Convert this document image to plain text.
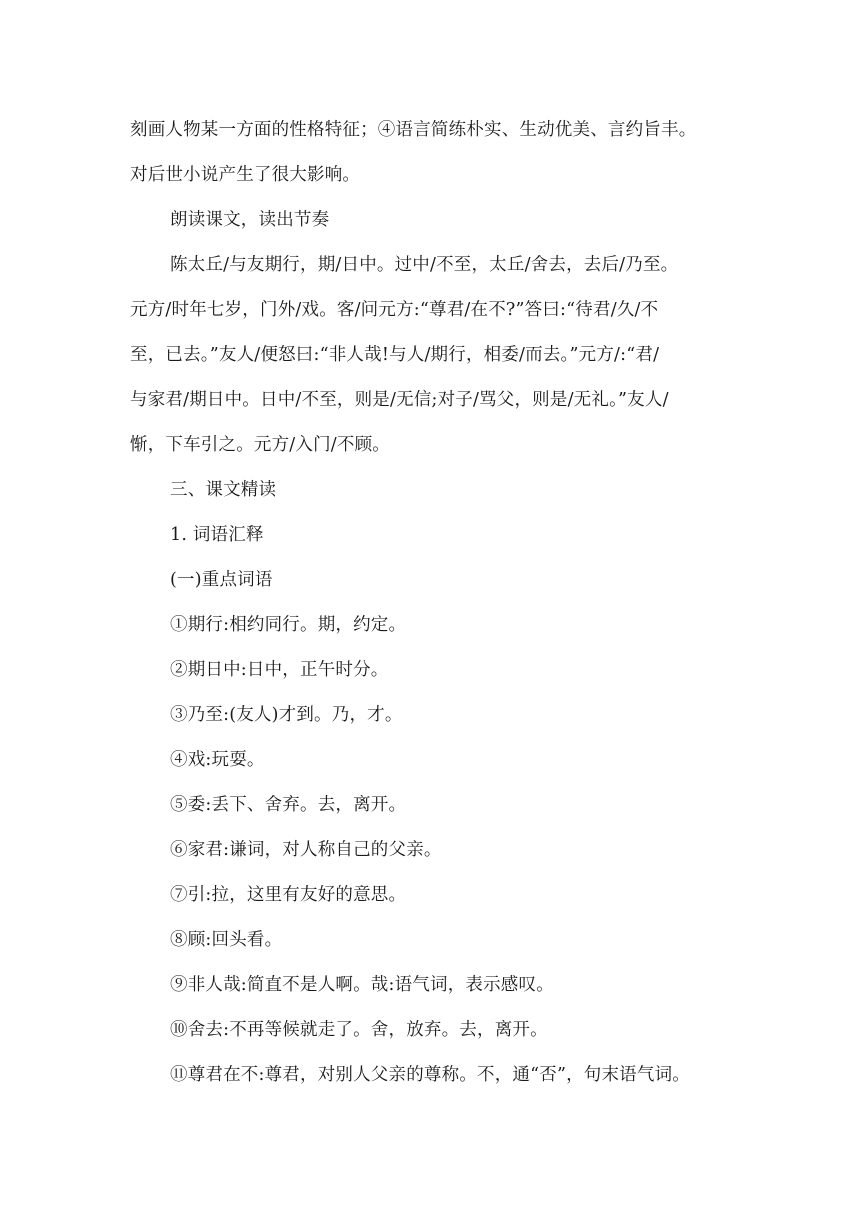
刻画人物某一方面的性格特征；④语言简练朴实、生动优美、言约旨丰。
对后世小说产生了很大影响。
朗读课文，读出节奏
陈太丘/与友期行，期/日中。过中/不至，太丘/舍去，去后/乃至。
元方/时年七岁，门外/戏。客/问元方:“尊君/在不?”答曰:“待君/久/不
至，已去。”友人/便怒曰:“非人哉!与人/期行，相委/而去。”元方/:“君/
与家君/期日中。日中/不至，则是/无信;对子/骂父，则是/无礼。”友人/
惭，下车引之。元方/入门/不顾。
三、课文精读
1. 词语汇释
(一)重点词语
①期行:相约同行。期，约定。
②期日中:日中，正午时分。
③乃至:(友人)才到。乃，才。
④戏:玩耍。
⑤委:丢下、舍弃。去，离开。
⑥家君:谦词，对人称自己的父亲。
⑦引:拉，这里有友好的意思。
⑧顾:回头看。
⑨非人哉:简直不是人啊。哉:语气词，表示感叹。
⑩舍去:不再等候就走了。舍，放弃。去，离开。
⑪尊君在不:尊君，对别人父亲的尊称。不，通“否”，句末语气词。
